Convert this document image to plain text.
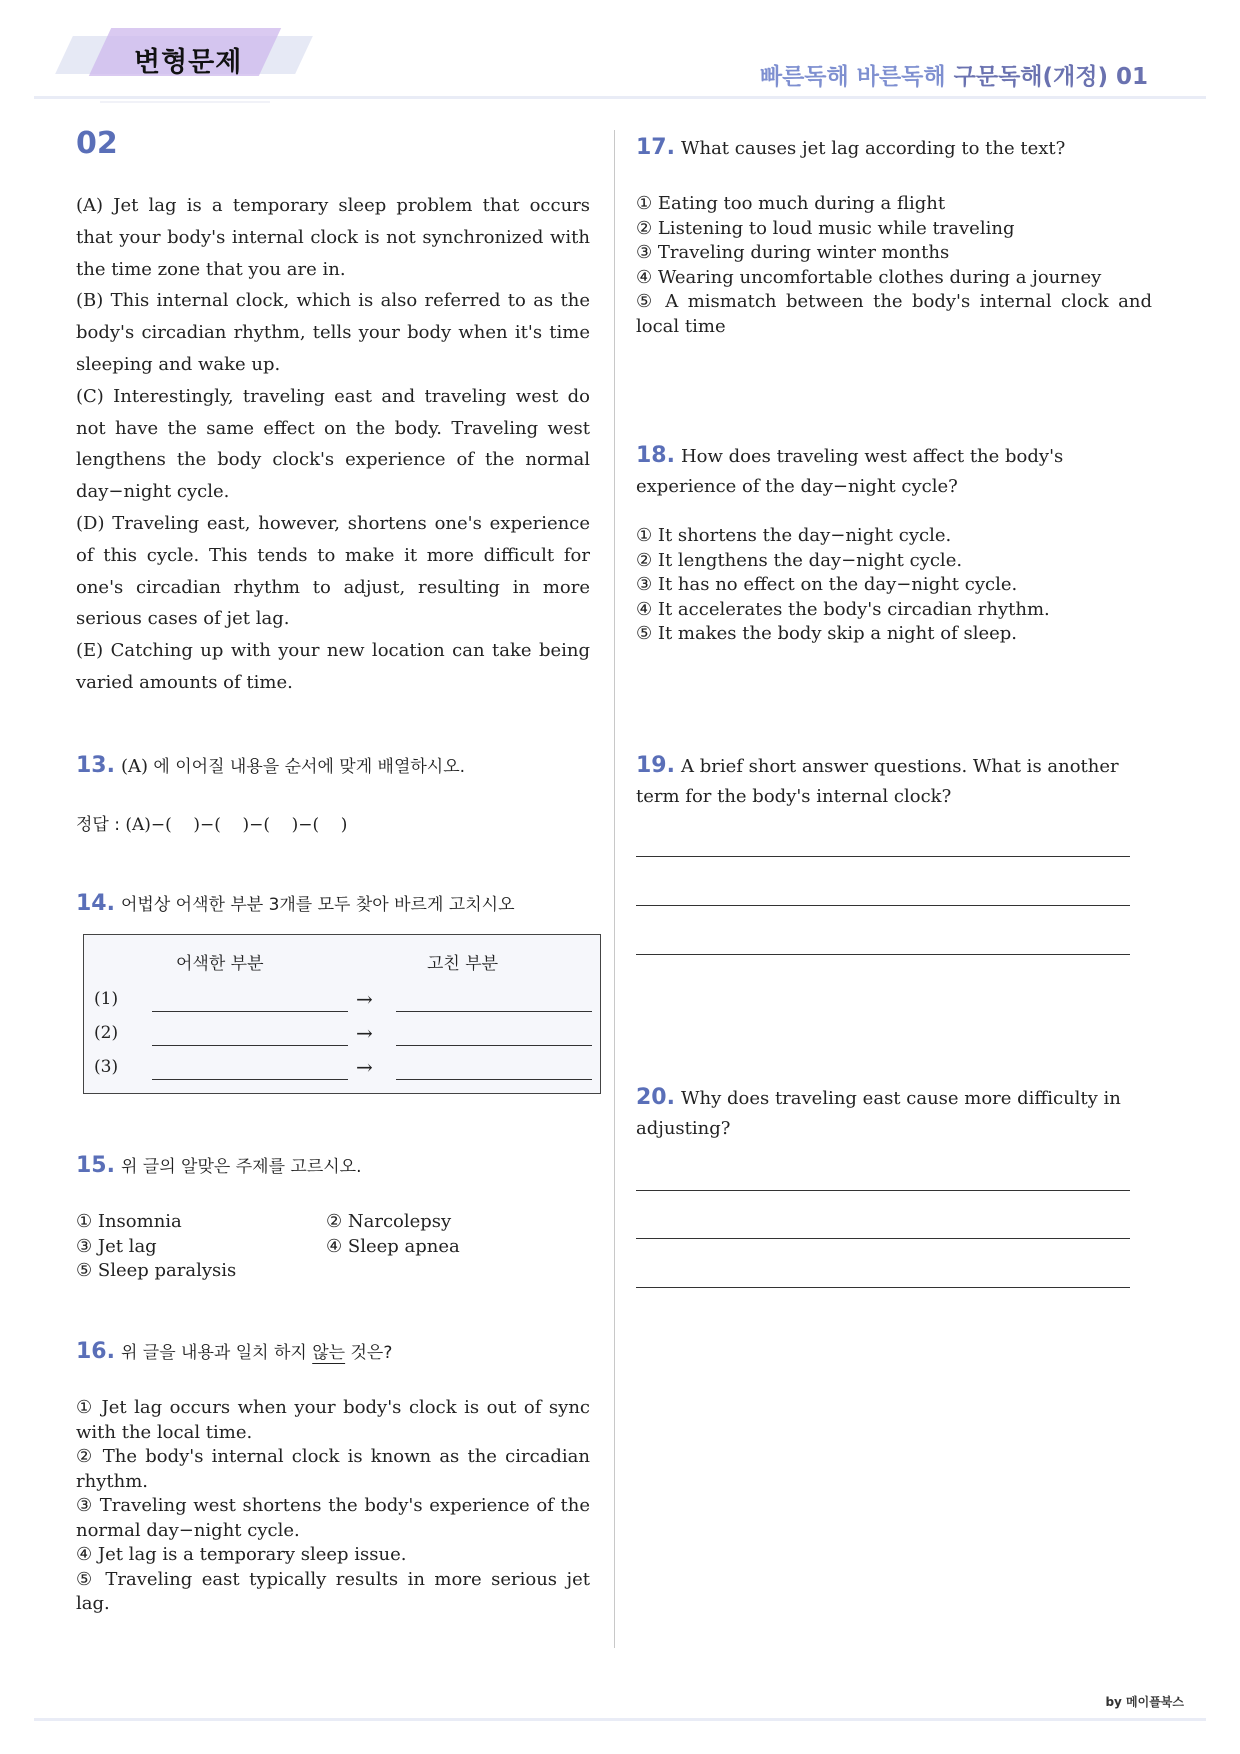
변형문제	빠른독해 바른독해 구문독해(개정) 01
02

(A) Jet lag is a temporary sleep problem that occurs that your body's internal clock is not synchronized with the time zone that you are in.

(B) This internal clock, which is also referred to as the body's circadian rhythm, tells your body when it's time sleeping and wake up.

(C) Interestingly, traveling east and traveling west do not have the same effect on the body. Traveling west lengthens the body clock's experience of the normal day−night cycle.

(D) Traveling east, however, shortens one's experience of this cycle. This tends to make it more difficult for one's circadian rhythm to adjust, resulting in more serious cases of jet lag.

(E) Catching up with your new location can take being varied amounts of time.

13. (A) 에 이어질 내용을 순서에 맞게 배열하시오.
정답 : (A)−(    )−(    )−(    )−(    )
14. 어법상 어색한 부분 3개를 모두 찾아 바르게 고치시오
어색한 부분	고친 부분
(1)	→
(2)	→
(3)	→
15. 위 글의 알맞은 주제를 고르시오.
① Insomnia	② Narcolepsy
③ Jet lag	④ Sleep apnea
⑤ Sleep paralysis
16. 위 글을 내용과 일치 하지 않는 것은?
① Jet lag occurs when your body's clock is out of sync with the local time.
② The body's internal clock is known as the circadian rhythm.
③ Traveling west shortens the body's experience of the normal day−night cycle.
④ Jet lag is a temporary sleep issue.
⑤ Traveling east typically results in more serious jet lag.
17. What causes jet lag according to the text?
① Eating too much during a flight
② Listening to loud music while traveling
③ Traveling during winter months
④ Wearing uncomfortable clothes during a journey
⑤ A mismatch between the body's internal clock and local time
18. How does traveling west affect the body's experience of the day−night cycle?
① It shortens the day−night cycle.
② It lengthens the day−night cycle.
③ It has no effect on the day−night cycle.
④ It accelerates the body's circadian rhythm.
⑤ It makes the body skip a night of sleep.
19. A brief short answer questions. What is another term for the body's internal clock?
20. Why does traveling east cause more difficulty in adjusting?
by 메이플북스
